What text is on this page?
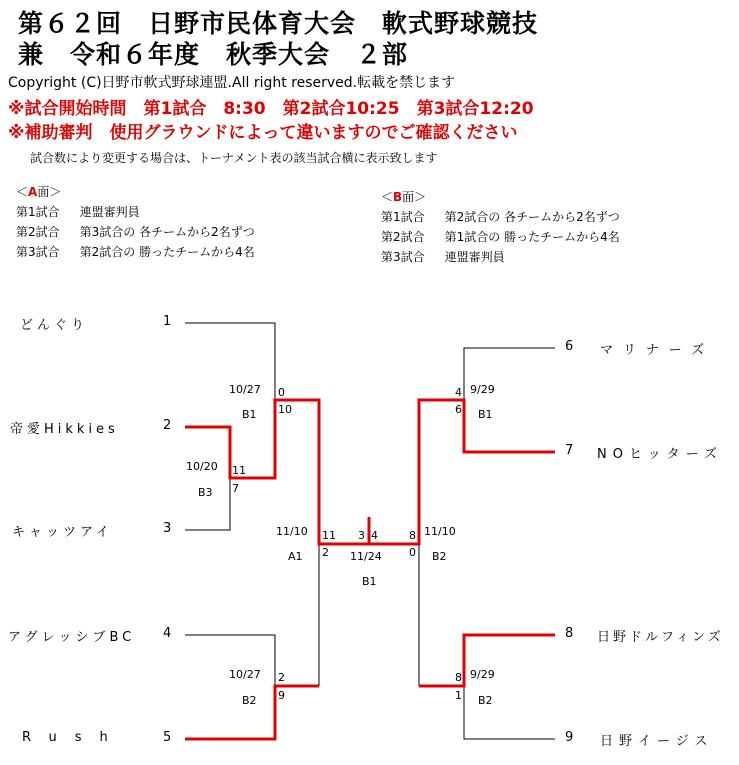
第６２回　日野市民体育大会　軟式野球競技
兼　令和６年度　秋季大会　２部
Copyright (C)日野市軟式野球連盟.All right reserved.転載を禁じます
※試合開始時間　第1試合　8:30　第2試合10:25　第3試合12:20
※補助審判　使用グラウンドによって違いますのでご確認ください
試合数により変更する場合は、トーナメント表の該当試合横に表示致します
＜A面＞
第1試合　 連盟審判員
第2試合　 第3試合の 各チームから2名ずつ
第3試合　 第2試合の 勝ったチームから4名
＜B面＞
第1試合　 第2試合の 各チームから2名ずつ
第2試合　 第1試合の 勝ったチームから4名
第3試合　 連盟審判員
どんぐり	1
帝愛Hikkies	2
キャッツアイ	3
アグレッシブBC 4
Rush	5
6 マリナーズ
7 NOヒッターズ
8 日野ドルフィンズ
9 日野イージス
10/27
B1
0
10
10/20
B3
11
7
11/10
A1
11
2
10/27
B2
2
9
3 4
11/24
B1
4
6
9/29
B1
8
0
11/10
B2
8
1
9/29
B2
